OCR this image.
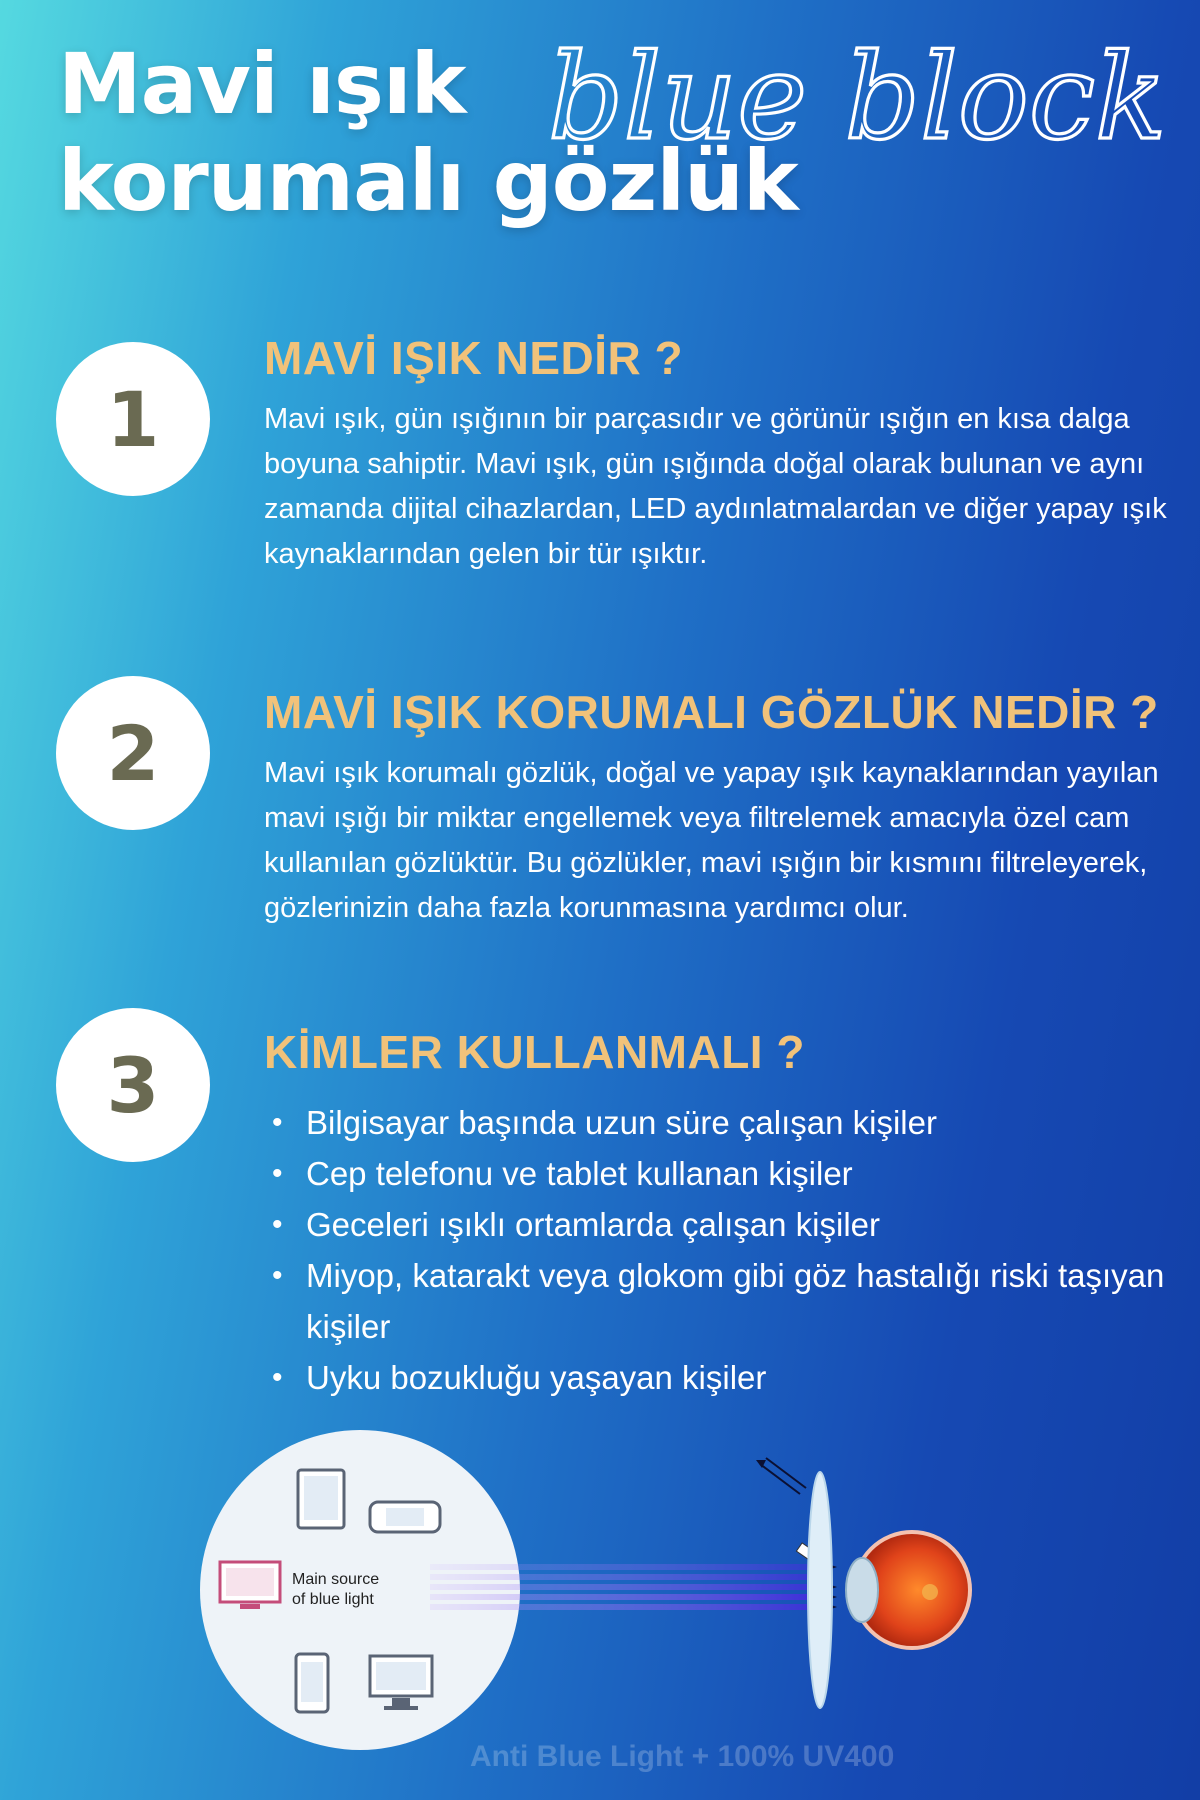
Mavi ışık
korumalı gözlük
blue block
1
MAVİ IŞIK NEDİR ?

Mavi ışık, gün ışığının bir parçasıdır ve görünür ışığın en kısa dalga boyuna sahiptir. Mavi ışık, gün ışığında doğal olarak bulunan ve aynı zamanda dijital cihazlardan, LED aydınlatmalardan ve diğer yapay ışık kaynaklarından gelen bir tür ışıktır.

2	MAVİ IŞIK KORUMALI GÖZLÜK NEDİR ?

Mavi ışık korumalı gözlük, doğal ve yapay ışık kaynaklarından yayılan mavi ışığı bir miktar engellemek veya filtrelemek amacıyla özel cam kullanılan gözlüktür. Bu gözlükler, mavi ışığın bir kısmını filtreleyerek, gözlerinizin daha fazla korunmasına yardımcı olur.

3	KİMLER KULLANMALI ?
• Bilgisayar başında uzun süre çalışan kişiler
• Cep telefonu ve tablet kullanan kişiler
• Geceleri ışıklı ortamlarda çalışan kişiler
• Miyop, katarakt veya glokom gibi göz hastalığı riski taşıyan kişiler
• Uyku bozukluğu yaşayan kişiler
Main source
of blue light

Anti Blue Light + 100% UV400
